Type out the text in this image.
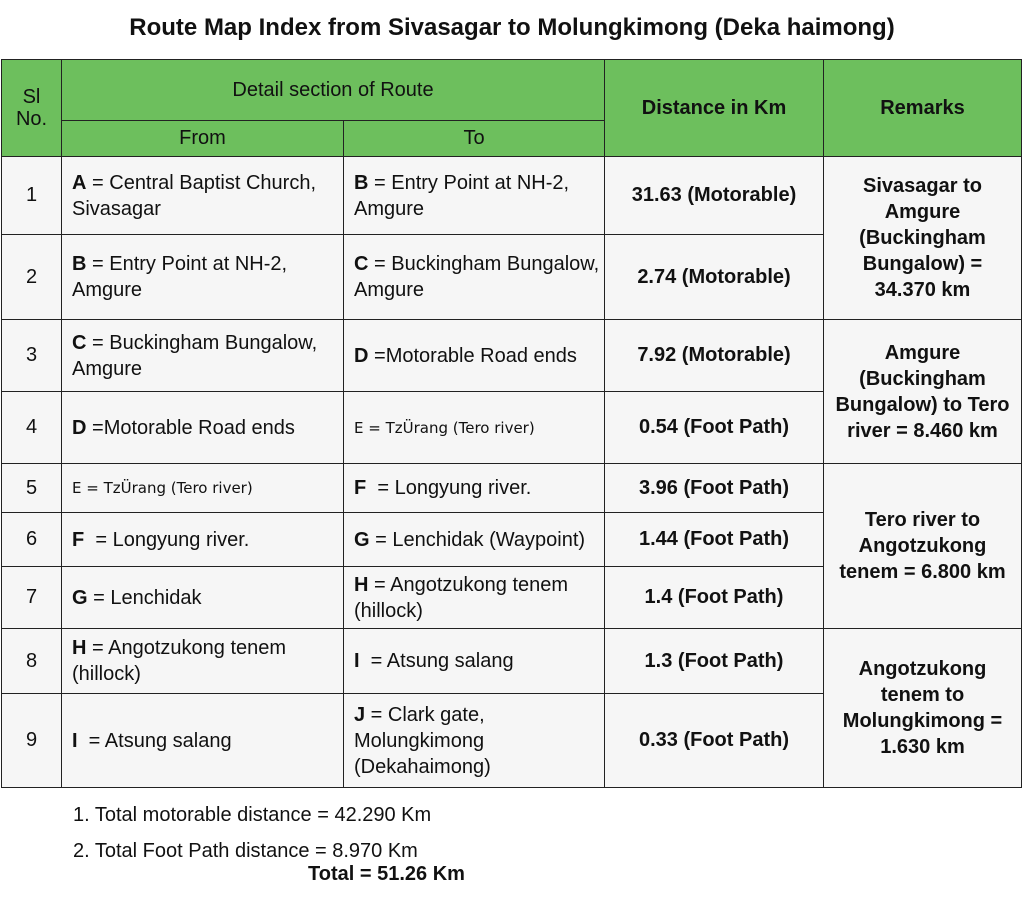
Route Map Index from Sivasagar to Molungkimong (Deka haimong)
Sl No.	Detail section of Route		Distance in Km	Remarks
	From	To		
1	A = Central Baptist Church, Sivasagar	B = Entry Point at NH-2, Amgure	31.63 (Motorable)	Sivasagar to Amgure (Buckingham Bungalow) = 34.370 km
2	B = Entry Point at NH-2, Amgure	C = Buckingham Bungalow, Amgure	2.74 (Motorable)	
3	C = Buckingham Bungalow, Amgure	D =Motorable Road ends	7.92 (Motorable)	Amgure (Buckingham Bungalow) to Tero river = 8.460 km
4	D =Motorable Road ends	E = TzÜrang (Tero river)	0.54 (Foot Path)	
5	E = TzÜrang (Tero river)	F  = Longyung river.	3.96 (Foot Path)	Tero river to Angotzukong tenem = 6.800 km
6	F  = Longyung river.	G = Lenchidak (Waypoint)	1.44 (Foot Path)	
7	G = Lenchidak	H = Angotzukong tenem (hillock)	1.4 (Foot Path)	
8	H = Angotzukong tenem (hillock)	I  = Atsung salang	1.3 (Foot Path)	Angotzukong tenem to Molungkimong = 1.630 km
9	I  = Atsung salang	J = Clark gate, Molungkimong (Dekahaimong)	0.33 (Foot Path)	
1. Total motorable distance = 42.290 Km
2. Total Foot Path distance = 8.970 Km
Total = 51.26 Km
